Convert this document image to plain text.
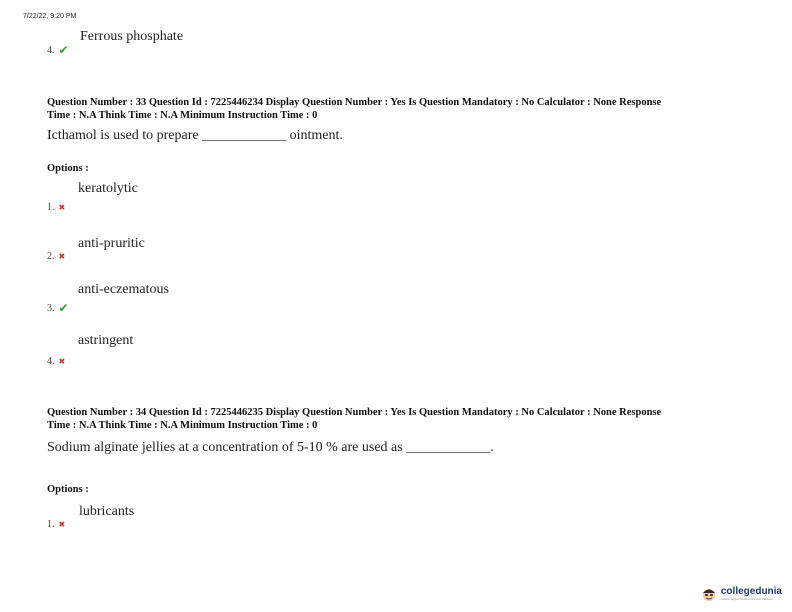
7/22/22, 9:20 PM
Ferrous phosphate
4. ✔
Question Number : 33 Question Id : 7225446234 Display Question Number : Yes Is Question Mandatory : No Calculator : None Response
Time : N.A Think Time : N.A Minimum Instruction Time : 0
Icthamol is used to prepare ____________ ointment.
Options :
keratolytic
1. ✖
anti-pruritic
2. ✖
anti-eczematous
3. ✔
astringent
4. ✖
Question Number : 34 Question Id : 7225446235 Display Question Number : Yes Is Question Mandatory : No Calculator : None Response
Time : N.A Think Time : N.A Minimum Instruction Time : 0
Sodium alginate jellies at a concentration of 5-10 % are used as ____________.
Options :
lubricants
1. ✖
collegedunia
India's largest Student Review Platform
